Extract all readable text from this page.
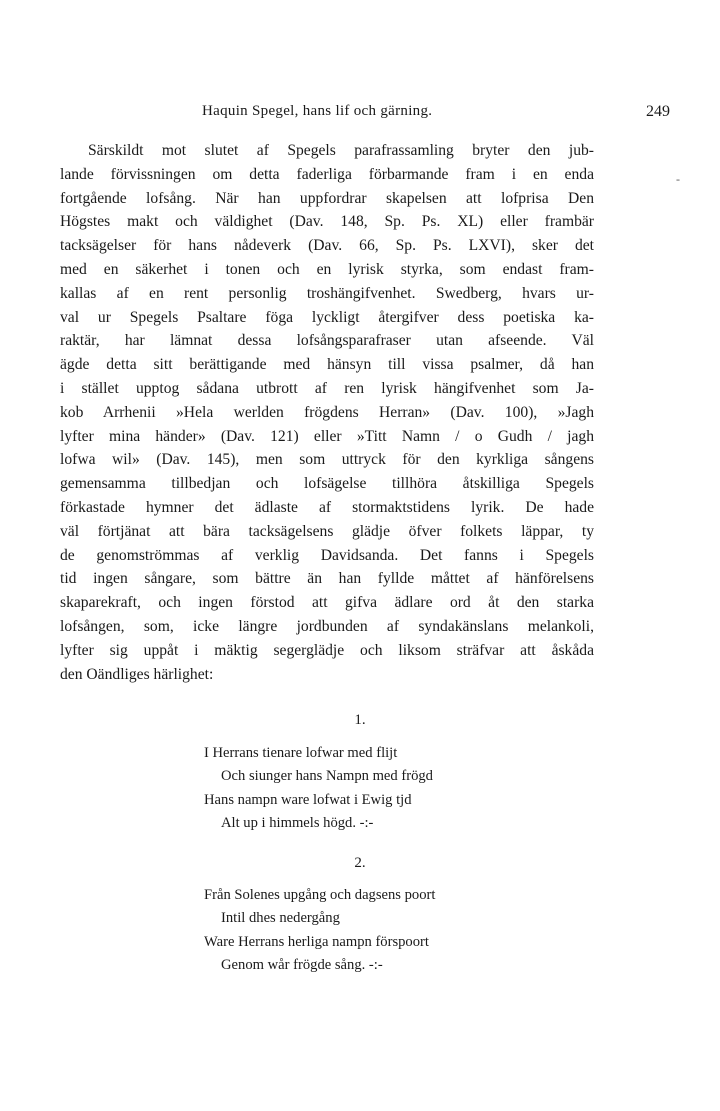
Haquin Spegel, hans lif och gärning.	249
-
Särskildt mot slutet af Spegels parafrassamling bryter den jub-
lande förvissningen om detta faderliga förbarmande fram i en enda
fortgående lofsång. När han uppfordrar skapelsen att lofprisa Den
Högstes makt och väldighet (Dav. 148, Sp. Ps. XL) eller frambär
tacksägelser för hans nådeverk (Dav. 66, Sp. Ps. LXVI), sker det
med en säkerhet i tonen och en lyrisk styrka, som endast fram-
kallas af en rent personlig troshängifvenhet. Swedberg, hvars ur-
val ur Spegels Psaltare föga lyckligt återgifver dess poetiska ka-
raktär, har lämnat dessa lofsångsparafraser utan afseende. Väl
ägde detta sitt berättigande med hänsyn till vissa psalmer, då han
i stället upptog sådana utbrott af ren lyrisk hängifvenhet som Ja-
kob Arrhenii »Hela werlden frögdens Herran» (Dav. 100), »Jagh
lyfter mina händer» (Dav. 121) eller »Titt Namn / o Gudh / jagh
lofwa wil» (Dav. 145), men som uttryck för den kyrkliga sångens
gemensamma tillbedjan och lofsägelse tillhöra åtskilliga Spegels
förkastade hymner det ädlaste af stormaktstidens lyrik. De hade
väl förtjänat att bära tacksägelsens glädje öfver folkets läppar, ty
de genomströmmas af verklig Davidsanda. Det fanns i Spegels
tid ingen sångare, som bättre än han fyllde måttet af hänförelsens
skaparekraft, och ingen förstod att gifva ädlare ord åt den starka
lofsången, som, icke längre jordbunden af syndakänslans melankoli,
lyfter sig uppåt i mäktig segerglädje och liksom sträfvar att åskåda
den Oändliges härlighet:
1.
I Herrans tienare lofwar med flijt
Och siunger hans Nampn med frögd
Hans nampn ware lofwat i Ewig tjd
Alt up i himmels högd. -:-
2.
Från Solenes upgång och dagsens poort
Intil dhes nedergång
Ware Herrans herliga nampn förspoort
Genom wår frögde sång. -:-
